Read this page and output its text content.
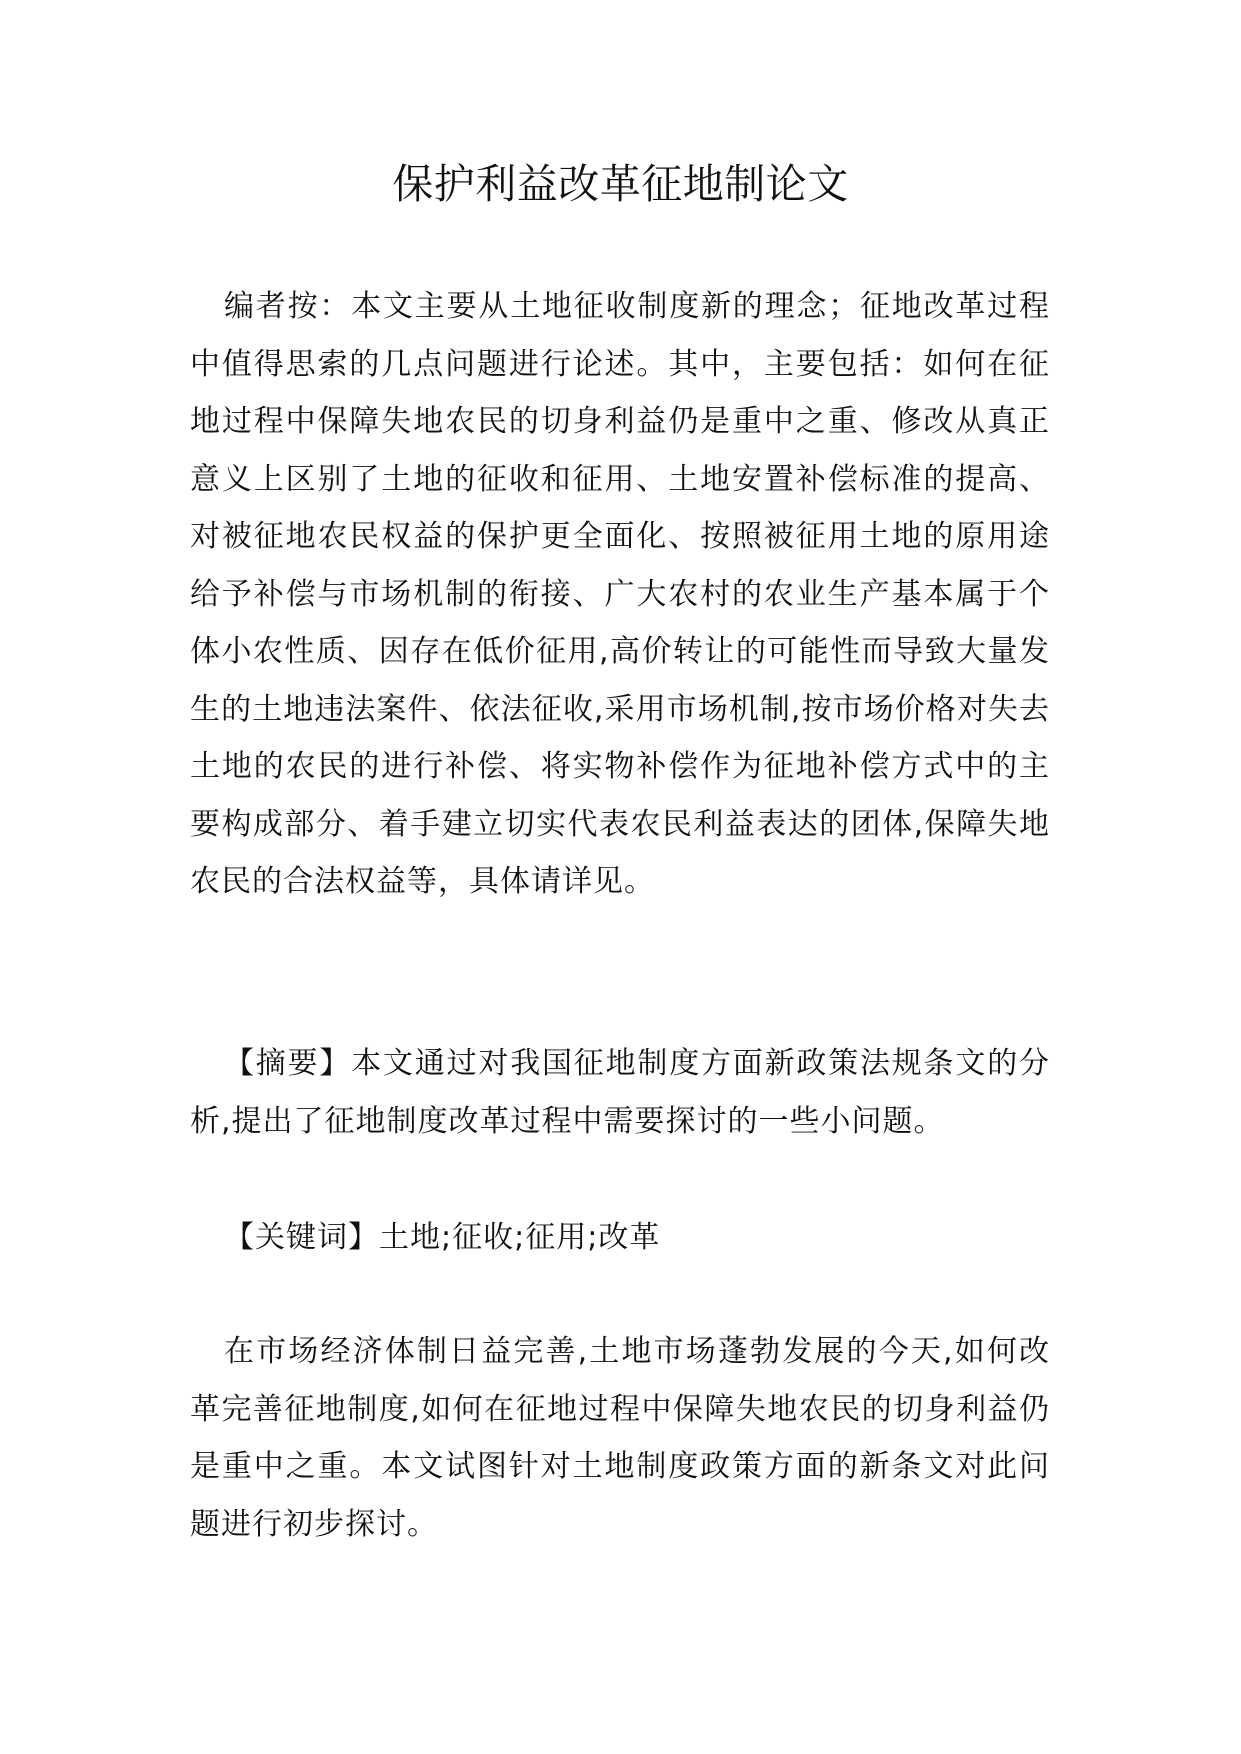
保护利益改革征地制论文

编者按：本文主要从土地征收制度新的理念；征地改革过程中值得思索的几点问题进行论述。其中，主要包括：如何在征地过程中保障失地农民的切身利益仍是重中之重、修改从真正意义上区别了土地的征收和征用、土地安置补偿标准的提高、对被征地农民权益的保护更全面化、按照被征用土地的原用途给予补偿与市场机制的衔接、广大农村的农业生产基本属于个体小农性质、因存在低价征用,高价转让的可能性而导致大量发生的土地违法案件、依法征收,采用市场机制,按市场价格对失去土地的农民的进行补偿、将实物补偿作为征地补偿方式中的主要构成部分、着手建立切实代表农民利益表达的团体,保障失地农民的合法权益等，具体请详见。

【摘要】本文通过对我国征地制度方面新政策法规条文的分析,提出了征地制度改革过程中需要探讨的一些小问题。

【关键词】土地;征收;征用;改革

在市场经济体制日益完善,土地市场蓬勃发展的今天,如何改革完善征地制度,如何在征地过程中保障失地农民的切身利益仍是重中之重。本文试图针对土地制度政策方面的新条文对此问题进行初步探讨。
